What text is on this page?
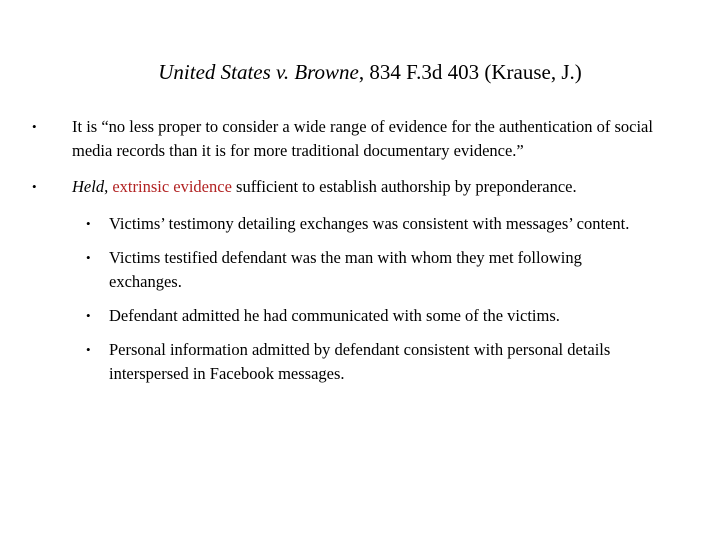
United States v. Browne, 834 F.3d 403 (Krause, J.)
•	It is “no less proper to consider a wide range of evidence for the authentication of social media records than it is for more traditional documentary evidence.”
•	Held, extrinsic evidence sufficient to establish authorship by preponderance.
•	Victims’ testimony detailing exchanges was consistent with messages’ content.
•	Victims testified defendant was the man with whom they met following exchanges.
•	Defendant admitted he had communicated with some of the victims.
•	Personal information admitted by defendant consistent with personal details interspersed in Facebook messages.
